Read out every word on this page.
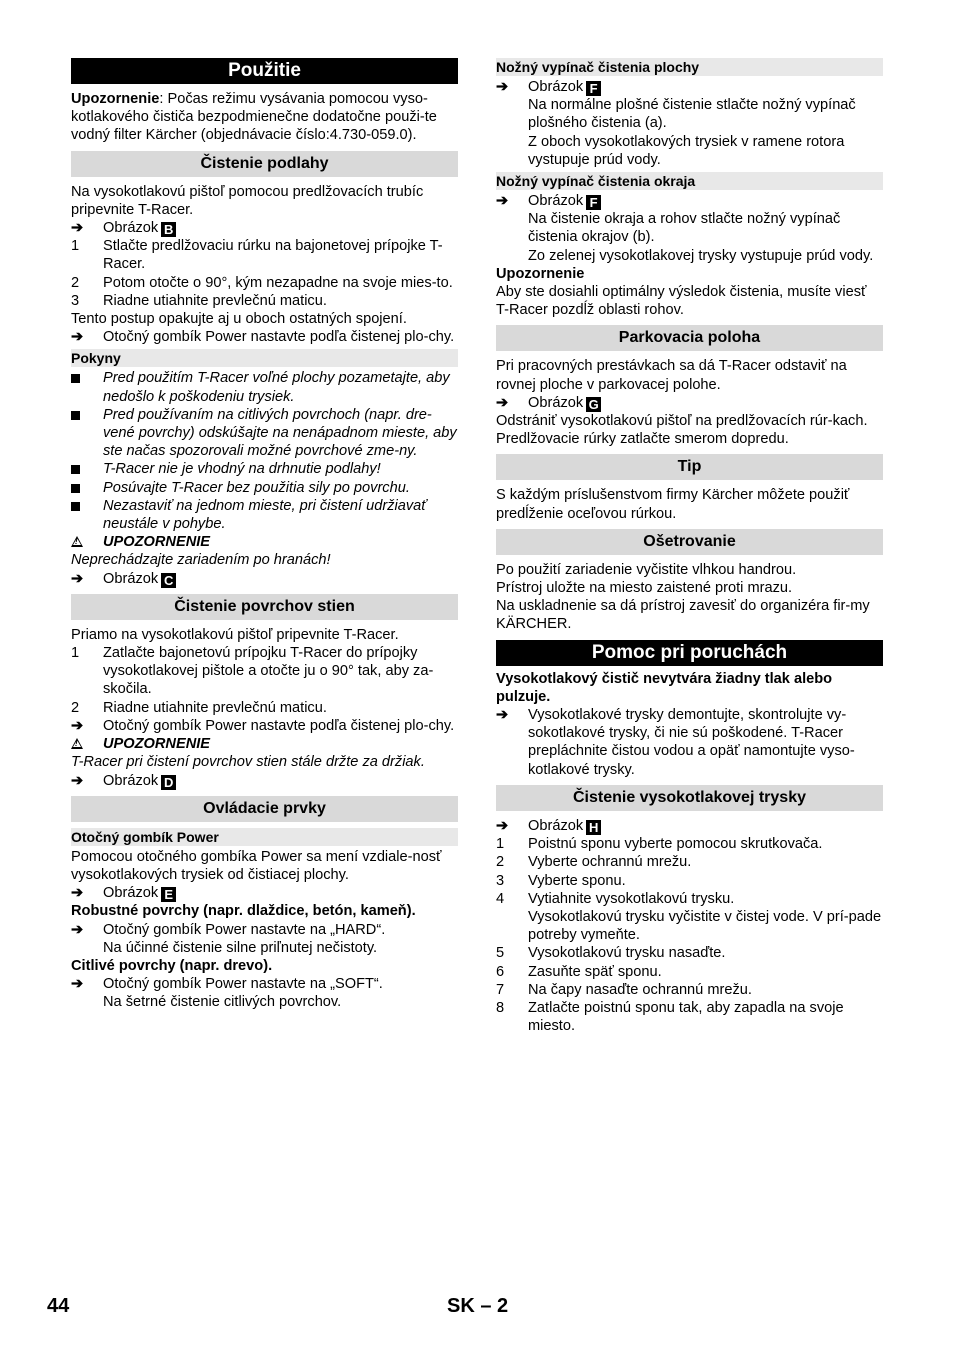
Použitie

Upozornenie: Počas režimu vysávania pomocou vyso-kotlakového čističa bezpodmienečne dodatočne použi-te vodný filter Kärcher (objednávacie číslo:4.730-059.0).

Čistenie podlahy

Na vysokotlakovú pištoľ pomocou predlžovacích trubíc pripevnite T-Racer.

➔	Obrázok B
1	Stlačte predlžovaciu rúrku na bajonetovej prípojke T-Racer.
2	Potom otočte o 90°, kým nezapadne na svoje mies-to.
3	Riadne utiahnite prevlečnú maticu.

Tento postup opakujte aj u oboch ostatných spojení.

➔	Otočný gombík Power nastavte podľa čistenej plo-chy.
Pokyny
Pred použitím T-Racer voľné plochy pozametajte, aby nedošlo k poškodeniu trysiek.
Pred používaním na citlivých povrchoch (napr. dre-vené povrchy) odskúšajte na nenápadnom mieste, aby ste načas spozorovali možné povrchové zme-ny.
T-Racer nie je vhodný na drhnutie podlahy!
Posúvajte T-Racer bez použitia sily po povrchu.
Nezastaviť na jednom mieste, pri čistení udržiavať neustále v pohybe.
!
UPOZORNENIE

Neprechádzajte zariadením po hranách!

➔	Obrázok C
Čistenie povrchov stien

Priamo na vysokotlakovú pištoľ pripevnite T-Racer.

1	Zatlačte bajonetovú prípojku T-Racer do prípojky vysokotlakovej pištole a otočte ju o 90° tak, aby za-skočila.
2	Riadne utiahnite prevlečnú maticu.
➔	Otočný gombík Power nastavte podľa čistenej plo-chy.
!
UPOZORNENIE

T-Racer pri čistení povrchov stien stále držte za držiak.

➔	Obrázok D
Ovládacie prvky
Otočný gombík Power

Pomocou otočného gombíka Power sa mení vzdiale-nosť vysokotlakových trysiek od čistiacej plochy.

➔	Obrázok E

Robustné povrchy (napr. dlaždice, betón, kameň).

➔	Otočný gombík Power nastavte na „HARD“.
Na účinné čistenie silne priľnutej nečistoty.

Citlivé povrchy (napr. drevo).

➔	Otočný gombík Power nastavte na „SOFT“.
Na šetrné čistenie citlivých povrchov.
Nožný vypínač čistenia plochy
➔	Obrázok F
Na normálne plošné čistenie stlačte nožný vypínač plošného čistenia (a).
Z oboch vysokotlakových trysiek v ramene rotora vystupuje prúd vody.
Nožný vypínač čistenia okraja
➔	Obrázok F
Na čistenie okraja a rohov stlačte nožný vypínač čistenia okrajov (b).
Zo zelenej vysokotlakovej trysky vystupuje prúd vody.

Upozornenie

Aby ste dosiahli optimálny výsledok čistenia, musíte viesť T-Racer pozdĺž oblasti rohov.

Parkovacia poloha

Pri pracovných prestávkach sa dá T-Racer odstaviť na rovnej ploche v parkovacej polohe.

➔	Obrázok G

Odstrániť vysokotlakovú pištoľ na predlžovacích rúr-kach.

Predlžovacie rúrky zatlačte smerom dopredu.

Tip

S každým príslušenstvom firmy Kärcher môžete použiť predĺženie oceľovou rúrkou.

Ošetrovanie

Po použití zariadenie vyčistite vlhkou handrou.

Prístroj uložte na miesto zaistené proti mrazu.

Na uskladnenie sa dá prístroj zavesiť do organizéra fir-my KÄRCHER.

Pomoc pri poruchách

Vysokotlakový čistič nevytvára žiadny tlak alebo pulzuje.

➔	Vysokotlakové trysky demontujte, skontrolujte vy-sokotlakové trysky, či nie sú poškodené. T-Racer prepláchnite čistou vodou a opäť namontujte vyso-kotlakové trysky.
Čistenie vysokotlakovej trysky
➔	Obrázok H
1	Poistnú sponu vyberte pomocou skrutkovača.
2	Vyberte ochrannú mrežu.
3	Vyberte sponu.
4	Vytiahnite vysokotlakovú trysku.
Vysokotlakovú trysku vyčistite v čistej vode. V prí-pade potreby vymeňte.
5	Vysokotlakovú trysku nasaďte.
6	Zasuňte späť sponu.
7	Na čapy nasaďte ochrannú mrežu.
8	Zatlačte poistnú sponu tak, aby zapadla na svoje miesto.
44	SK – 2
